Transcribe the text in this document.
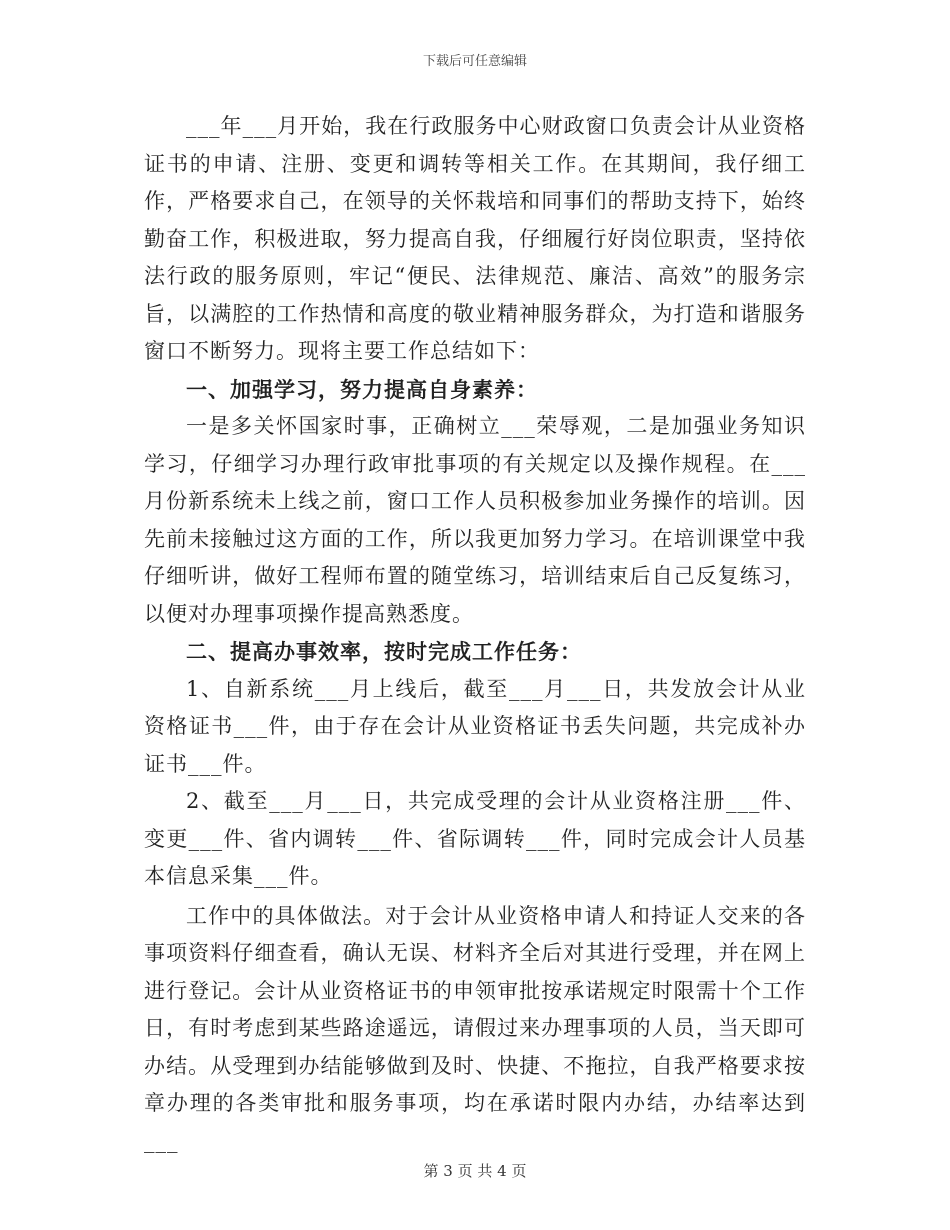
下载后可任意编辑

___年___月开始，我在行政服务中心财政窗口负责会计从业资格证书的申请、注册、变更和调转等相关工作。在其期间，我仔细工作，严格要求自己，在领导的关怀栽培和同事们的帮助支持下，始终勤奋工作，积极进取，努力提高自我，仔细履行好岗位职责，坚持依法行政的服务原则，牢记“便民、法律规范、廉洁、高效”的服务宗旨，以满腔的工作热情和高度的敬业精神服务群众，为打造和谐服务窗口不断努力。现将主要工作总结如下：

一、加强学习，努力提高自身素养：

一是多关怀国家时事，正确树立___荣辱观，二是加强业务知识学习，仔细学习办理行政审批事项的有关规定以及操作规程。在___月份新系统未上线之前，窗口工作人员积极参加业务操作的培训。因先前未接触过这方面的工作，所以我更加努力学习。在培训课堂中我仔细听讲，做好工程师布置的随堂练习，培训结束后自己反复练习，以便对办理事项操作提高熟悉度。

二、提高办事效率，按时完成工作任务：

1、自新系统___月上线后，截至___月___日，共发放会计从业资格证书___件，由于存在会计从业资格证书丢失问题，共完成补办证书___件。

2、截至___月___日，共完成受理的会计从业资格注册___件、变更___件、省内调转___件、省际调转___件，同时完成会计人员基本信息采集___件。

工作中的具体做法。对于会计从业资格申请人和持证人交来的各事项资料仔细查看，确认无误、材料齐全后对其进行受理，并在网上进行登记。会计从业资格证书的申领审批按承诺规定时限需十个工作日，有时考虑到某些路途遥远，请假过来办理事项的人员，当天即可办结。从受理到办结能够做到及时、快捷、不拖拉，自我严格要求按章办理的各类审批和服务事项，均在承诺时限内办结，办结率达到___

第 3 页 共 4 页
